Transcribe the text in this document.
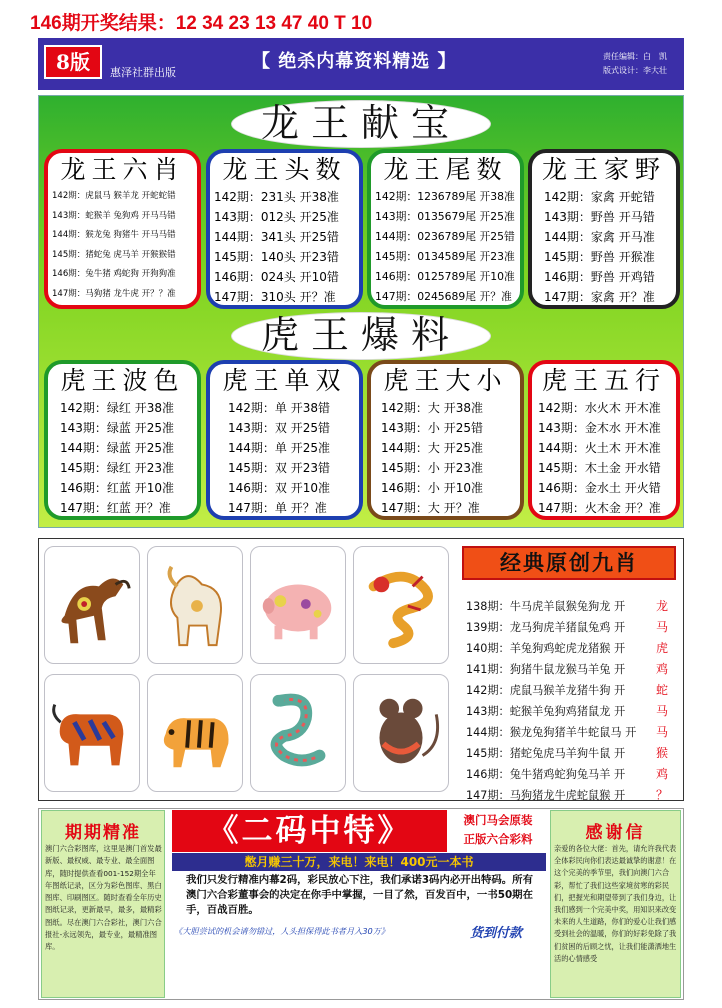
146期开奖结果：12 34 23 13 47 40 T 10
8版	惠泽社群出版
【 绝杀内幕资料精选 】	责任编辑：白　凯
版式设计：李大壮
龙王献宝
虎王爆料
龙王六肖
142期：虎鼠马 猴羊龙 开蛇蛇错
143期：蛇猴羊 兔狗鸡 开马马错
144期：猴龙兔 狗猪牛 开马马错
145期：猪蛇兔 虎马羊 开猴猴错
146期：兔牛猪 鸡蛇狗 开狗狗准
147期：马狗猪 龙牛虎 开？？准
龙王头数
142期：231头 开38准
143期：012头 开25准
144期：341头 开25错
145期：140头 开23错
146期：024头 开10错
147期：310头 开？准
龙王尾数
142期：1236789尾 开38准
143期：0135679尾 开25准
144期：0236789尾 开25错
145期：0134589尾 开23准
146期：0125789尾 开10准
147期：0245689尾 开？准
龙王家野
142期：家禽 开蛇错
143期：野兽 开马错
144期：家禽 开马准
145期：野兽 开猴准
146期：野兽 开鸡错
147期：家禽 开？准
虎王波色
142期：绿红 开38准
143期：绿蓝 开25准
144期：绿蓝 开25准
145期：绿红 开23准
146期：红蓝 开10准
147期：红蓝 开？准
虎王单双
142期：单 开38错
143期：双 开25错
144期：单 开25准
145期：双 开23错
146期：双 开10准
147期：单 开？准
虎王大小
142期：大 开38准
143期：小 开25错
144期：大 开25准
145期：小 开23准
146期：小 开10准
147期：大 开？准
虎王五行
142期：水火木 开木准
143期：金木水 开木准
144期：火土木 开木准
145期：木土金 开水错
146期：金水土 开火错
147期：火木金 开？准
经典原创九肖
138期：牛马虎羊鼠猴兔狗龙 开	龙
139期：龙马狗虎羊猪鼠兔鸡 开	马
140期：羊兔狗鸡蛇虎龙猪猴 开	虎
141期：狗猪牛鼠龙猴马羊兔 开	鸡
142期：虎鼠马猴羊龙猪牛狗 开	蛇
143期：蛇猴羊兔狗鸡猪鼠龙 开	马
144期：猴龙兔狗猪羊牛蛇鼠马 开 马
145期：猪蛇兔虎马羊狗牛鼠 开	猴
146期：兔牛猪鸡蛇狗兔马羊 开	鸡
147期：马狗猪龙牛虎蛇鼠猴 开	？
期期精准
澳门六合彩图库，这里是澳门首发最新版、最权威、最专业、最全面图库，随时提供查看001-152期全年年图纸记录，区分为彩色图库、黑白图库、印刷图区。随时查看全年历史图纸记录，更新最早，最多，最精彩图纸。尽在澳门六合彩社，澳门六合报社-永远领先，最专业，最精准图库。
《二码中特》	澳门马会原装
正版六合彩料
憋月赚三十万，来电！来电！400元一本书
我们只发行精准内幕2码，彩民放心下注，我们承诺3码内必开出特码。所有澳门六合彩董事会的决定在你手中掌握，一目了然，百发百中，一书50期在手，百战百胜。
《大胆尝试的机会请勿错过，人头担保得此书者月入30万》	货到付款
感谢信
亲爱的各位大佬：首先，请允许我代表全体彩民向你们表达最诚挚的谢意！在这个完美的季节里，我们向澳门六合彩，帮忙了我们这些家境贫寒的彩民们，把握光和期望带到了我们身边，让我们感到一个完美中奖，用知识来改变未来的人生道路，你们的爱心让我们感受到社会的温暖，你们的好彩免除了我们贫困的后顾之忧，让我们能潇洒地生活的心情感受
